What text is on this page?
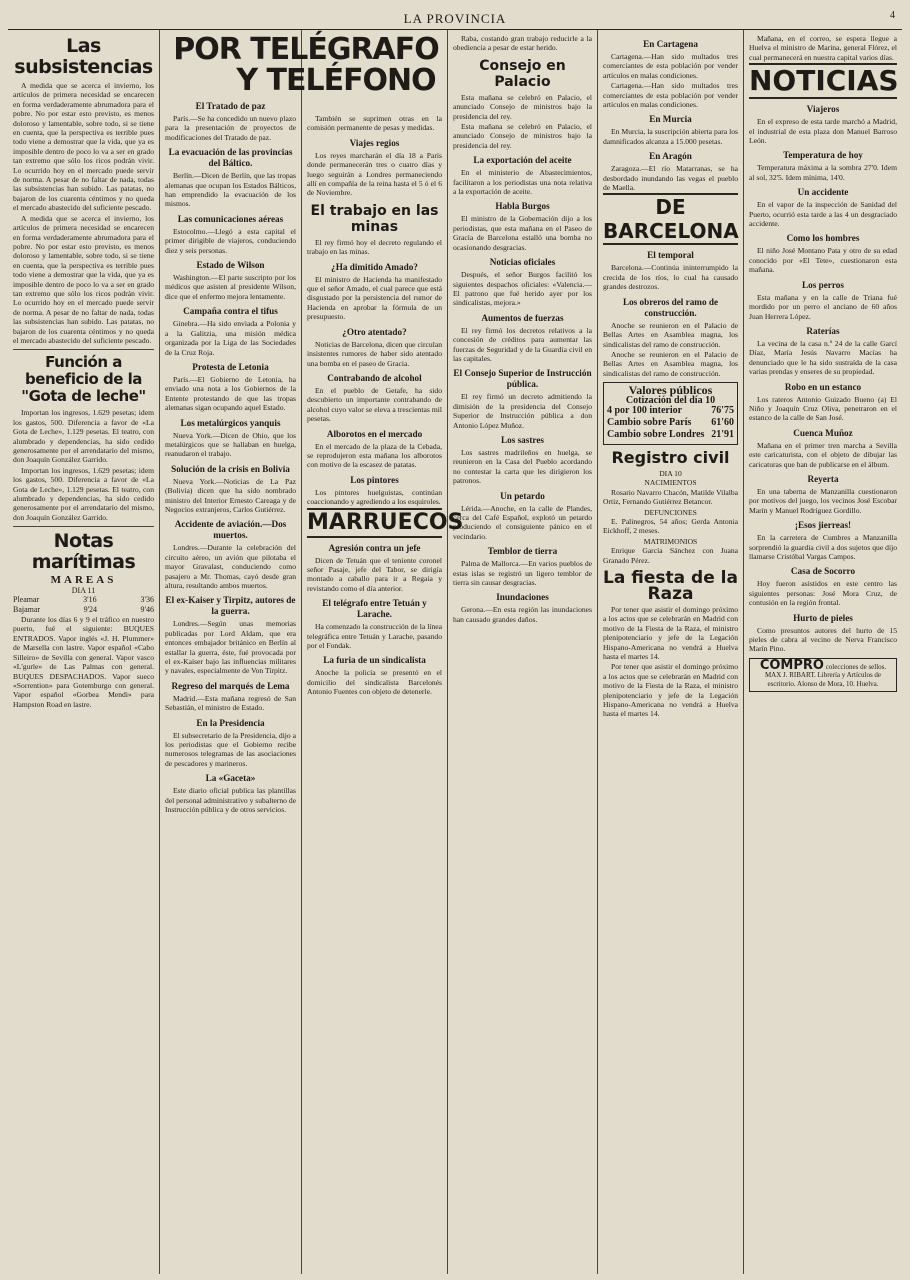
LA PROVINCIA	4
Las subsistencias

A medida que se acerca el invierno, los artículos de primera necesidad se encarecen en forma verdaderamente abrumadora para el pobre. No por estar esto previsto, es menos doloroso y lamentable, sobre todo, si se tiene en cuenta, que la perspectiva es terrible pues todo viene a demostrar que la vida, que ya es imposible dentro de poco lo va a ser en grado tan extremo que sólo los ricos podrán vivir. Lo ocurrido hoy en el mercado puede servir de norma. A pesar de no faltar de nada, todas las subsistencias han subido. Las patatas, no bajaron de los cuarenta céntimos y no queda el mercado abastecido del suficiente pescado.

A medida que se acerca el invierno, los artículos de primera necesidad se encarecen en forma verdaderamente abrumadora para el pobre. No por estar esto previsto, es menos doloroso y lamentable, sobre todo, si se tiene en cuenta, que la perspectiva es terrible pues todo viene a demostrar que la vida, que ya es imposible dentro de poco lo va a ser en grado tan extremo que sólo los ricos podrán vivir. Lo ocurrido hoy en el mercado puede servir de norma. A pesar de no faltar de nada, todas las subsistencias han subido. Las patatas, no bajaron de los cuarenta céntimos y no queda el mercado abastecido del suficiente pescado.

Función a beneficio de la "Gota de leche"

Importan los ingresos, 1.629 pesetas; idem los gastos, 500. Diferencia a favor de «La Gota de Leche», 1.129 pesetas. El teatro, con alumbrado y dependencias, ha sido cedido generosamente por el arrendatario del mismo, don Joaquín González Garrido.

Importan los ingresos, 1.629 pesetas; idem los gastos, 500. Diferencia a favor de «La Gota de Leche», 1.129 pesetas. El teatro, con alumbrado y dependencias, ha sido cedido generosamente por el arrendatario del mismo, don Joaquín González Garrido.

Notas marítimas
MAREAS
DIA 11
Pleamar	3'16	3'36
Bajamar	9'24	9'46

Durante los días 6 y 9 el tráfico en nuestro puerto, fué el siguiente: BUQUES ENTRADOS. Vapor inglés «J. H. Plummer» de Marsella con lastre. Vapor español «Cabo Silleiro» de Sevilla con general. Vapor vasco «L'gurle» de Las Palmas con general. BUQUES DESPACHADOS. Vapor sueco «Sorrention» para Gotemburgo con general. Vapor español «Gorbea Mendi» para Hampston Road en lastre.

POR TELÉGRAFO
Y TELÉFONO
El Tratado de paz

París.—Se ha concedido un nuevo plazo para la presentación de proyectos de modificaciones del Tratado de paz.

La evacuación de las provincias del Báltico.

Berlín.—Dicen de Berlín, que las tropas alemanas que ocupan los Estados Bálticos, han emprendido la evacuación de los mismos.

Las comunicaciones aéreas

Estocolmo.—Llegó a esta capital el primer dirigible de viajeros, conduciendo diez y seis personas.

Estado de Wilson

Washington.—El parte suscripto por los médicos que asisten al presidente Wilson, dice que el enfermo mejora lentamente.

Campaña contra el tifus

Ginebra.—Ha sido enviada a Polonia y a la Galitzia, una misión médica organizada por la Liga de las Sociedades de la Cruz Roja.

Protesta de Letonia

París.—El Gobierno de Letonia, ha enviado una nota a los Gobiernos de la Entente protestando de que las tropas alemanas sigan ocupando aquel Estado.

Los metalúrgicos yanquis

Nueva York.—Dicen de Ohio, que los metalúrgicos que se hallaban en huelga, reanudaron el trabajo.

Solución de la crisis en Bolivia

Nueva York.—Noticias de La Paz (Bolivia) dicen que ha sido nombrado ministro del Interior Ernesto Careaga y de Negocios extranjeros, Carlos Gutiérrez.

Accidente de aviación.—Dos muertos.

Londres.—Durante la celebración del circuito aéreo, un avión que pilotaba el mayor Gravalast, conduciendo como pasajero a Mr. Thomas, cayó desde gran altura, resultando ambos muertos.

El ex-Kaiser y Tirpitz, autores de la guerra.

Londres.—Según unas memorias publicadas por Lord Aldam, que era entonces embajador británico en Berlín al estallar la guerra, éste, fué provocada por el ex-Kaiser bajo las influencias militares y navales, especialmente de Von Tirpitz.

Regreso del marqués de Lema

Madrid.—Esta mañana regresó de San Sebastián, el ministro de Estado.

En la Presidencia

El subsecretario de la Presidencia, dijo a los periodistas que el Gobierno recibe numerosos telegramas de las asociaciones de pescadores y marineros.

La «Gaceta»

Este diario oficial publica las plantillas del personal administrativo y subalterno de Instrucción pública y de otros servicios.

También se suprimen otras en la comisión permanente de pesas y medidas.

Viajes regios

Los reyes marcharán el día 18 a París donde permanecerán tres o cuatro días y luego seguirán a Londres permaneciendo allí en compañía de la reina hasta el 5 ó el 6 de Noviembre.

El trabajo en las minas

El rey firmó hoy el decreto regulando el trabajo en las minas.

¿Ha dimitido Amado?

El ministro de Hacienda ha manifestado que el señor Amado, el cual parece que está disgustado por la persistencia del rumor de Hacienda en aprobar la fórmula de un presupuesto.

¿Otro atentado?

Noticias de Barcelona, dicen que circulan insistentes rumores de haber sido atentado una bomba en el paseo de Gracia.

Contrabando de alcohol

En el pueblo de Getafe, ha sido descubierto un importante contrabando de alcohol cuyo valor se eleva a trescientas mil pesetas.

Alborotos en el mercado

En el mercado de la plaza de la Cebada, se reprodujeron esta mañana los alborotos con motivo de la escasez de patatas.

Los pintores

Los pintores huelguistas, continúan coaccionando y agrediendo a los esquiroles.

MARRUECOS
Agresión contra un jefe

Dicen de Tetuán que el teniente coronel señor Pasaje, jefe del Tabor, se dirigía montado a caballo para ir a Regaia y revistando como el día anterior.

El telégrafo entre Tetuán y Larache.

Ha comenzado la construcción de la línea telegráfica entre Tetuán y Larache, pasando por el Fondak.

La furia de un sindicalista

Anoche la policía se presentó en el domicilio del sindicalista Barcelonés Antonio Fuentes con objeto de detenerle.

Raba, costando gran trabajo reducirle a la obediencia a pesar de estar herido.

Consejo en Palacio

Esta mañana se celebró en Palacio, el anunciado Consejo de ministros bajo la presidencia del rey.

Esta mañana se celebró en Palacio, el anunciado Consejo de ministros bajo la presidencia del rey.

La exportación del aceite

En el ministerio de Abastecimientos, facilitaron a los periodistas una nota relativa a la exportación de aceite.

Habla Burgos

El ministro de la Gobernación dijo a los periodistas, que esta mañana en el Paseo de Gracia de Barcelona estalló una bomba no ocasionando desgracias.

Noticias oficiales

Después, el señor Burgos facilitó los siguientes despachos oficiales: «Valencia.—El patrono que fué herido ayer por los sindicalistas, mejora.»

Aumentos de fuerzas

El rey firmó los decretos relativos a la concesión de créditos para aumentar las fuerzas de Seguridad y de la Guardia civil en las capitales.

El Consejo Superior de Instrucción pública.

El rey firmó un decreto admitiendo la dimisión de la presidencia del Consejo Superior de Instrucción pública a don Antonio López Muñoz.

Los sastres

Los sastres madrileños en huelga, se reunieron en la Casa del Pueblo acordando no contestar la carta que les dirigieron los patronos.

Un petardo

Lérida.—Anoche, en la calle de Plandes, cerca del Café Español, explotó un petardo produciendo el consiguiente pánico en el vecindario.

Temblor de tierra

Palma de Mallorca.—En varios pueblos de estas islas se registró un ligero temblor de tierra sin causar desgracias.

Inundaciones

Gerona.—En esta región las inundaciones han causado grandes daños.

En Cartagena

Cartagena.—Han sido multados tres comerciantes de esta población por vender artículos en malas condiciones.

Cartagena.—Han sido multados tres comerciantes de esta población por vender artículos en malas condiciones.

En Murcia

En Murcia, la suscripción abierta para los damnificados alcanza a 15.000 pesetas.

En Aragón

Zaragoza.—El río Matarranas, se ha desbordado inundando las vegas el pueblo de Maella.

DE BARCELONA
El temporal

Barcelona.—Continúa ininterrumpido la crecida de los ríos, lo cual ha causado grandes destrozos.

Los obreros del ramo de construcción.

Anoche se reunieron en el Palacio de Bellas Artes en Asamblea magna, los sindicalistas del ramo de construcción.

Anoche se reunieron en el Palacio de Bellas Artes en Asamblea magna, los sindicalistas del ramo de construcción.

Valores públicos
Cotización del día 10
4 por 100 interior	76'75
Cambio sobre París 61'60
Cambio sobre Londres 21'91
Registro civil
DIA 10
NACIMIENTOS

Rosario Navarro Chacón, Matilde Vilalba Ortiz, Fernando Gutiérrez Betancor.

DEFUNCIONES

E. Palinegros, 54 años; Gerda Antonia Eickhoff, 2 meses.

MATRIMONIOS

Enrique García Sánchez con Juana Granado Pérez.

La fiesta de la Raza

Por tener que asistir el domingo próximo a los actos que se celebrarán en Madrid con motivo de la Fiesta de la Raza, el ministro plenipotenciario y jefe de la Legación Hispano-Americana no vendrá a Huelva hasta el martes 14.

Por tener que asistir el domingo próximo a los actos que se celebrarán en Madrid con motivo de la Fiesta de la Raza, el ministro plenipotenciario y jefe de la Legación Hispano-Americana no vendrá a Huelva hasta el martes 14.

Mañana, en el correo, se espera llegue a Huelva el ministro de Marina, general Flórez, el cual permanecerá en nuestra capital varios días.

NOTICIAS
Viajeros

En el expreso de esta tarde marchó a Madrid, el industrial de esta plaza don Manuel Barroso León.

Temperatura de hoy

Temperatura máxima a la sombra 27'0. Idem al sol, 32'5. Idem mínima, 14'0.

Un accidente

En el vapor de la inspección de Sanidad del Puerto, ocurrió esta tarde a las 4 un desgraciado accidente.

Como los hombres

El niño José Montano Pata y otro de su edad conocido por «El Tete», cuestionaron esta mañana.

Los perros

Esta mañana y en la calle de Triana fué mordido por un perro el anciano de 60 años Juan Herrera López.

Raterías

La vecina de la casa n.º 24 de la calle Garcí Díaz, María Jesús Navarro Macías ha denunciado que le ha sido sustraída de la casa varias prendas y enseres de su propiedad.

Robo en un estanco

Los rateros Antonio Guizado Bueno (a) El Niño y Joaquín Cruz Oliva, penetraron en el estanco de la calle de San José.

Cuenca Muñoz

Mañana en el primer tren marcha a Sevilla este caricaturista, con el objeto de dibujar las caricaturas que han de publicarse en el álbum.

Reyerta

En una taberna de Manzanilla cuestionaron por motivos del juego, los vecinos José Escobar Marín y Manuel Rodríguez Gordillo.

¡Esos jierreas!

En la carretera de Cumbres a Manzanilla sorprendió la guardia civil a dos sujetos que dijo llamarse Cristóbal Vargas Campos.

Casa de Socorro

Hoy fueron asistidos en este centro las siguientes personas: José Mora Cruz, de contusión en la región frontal.

Hurto de pieles

Como presuntos autores del hurto de 15 pieles de cabra al vecino de Nerva Francisco Marín Pino.

COMPRO colecciones de sellos. MAX J. RIBART. Librería y Artículos de escritorio. Alonso de Mora, 10. Huelva.
